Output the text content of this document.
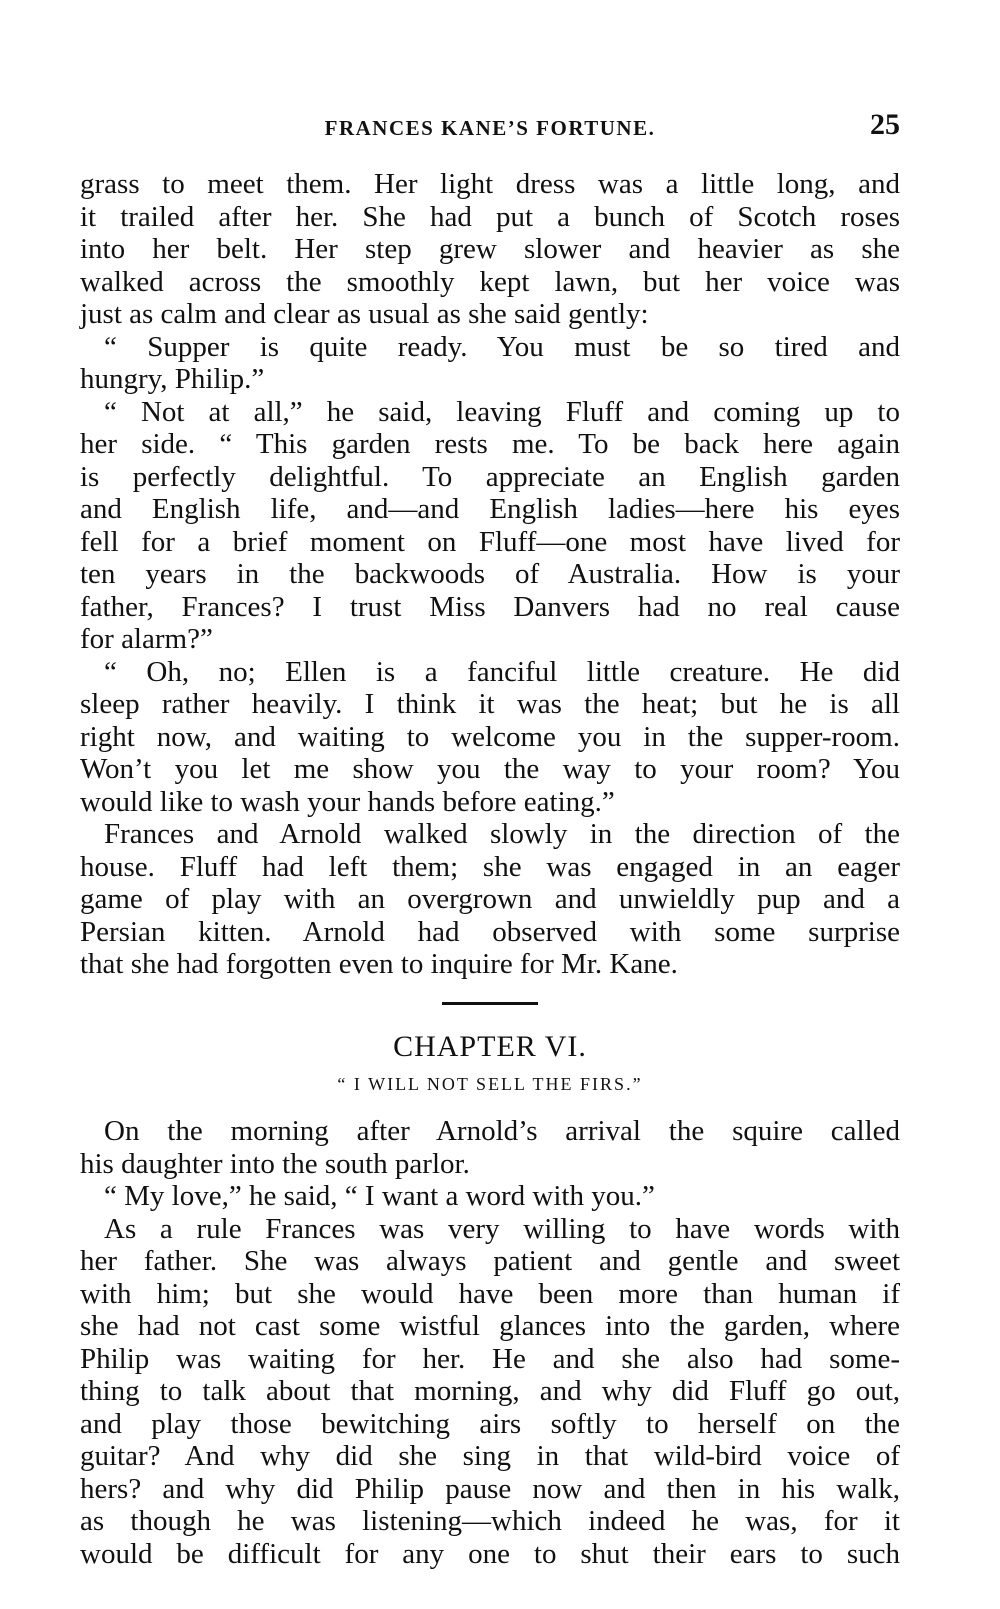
FRANCES KANE’S FORTUNE.	25
grass to meet them. Her light dress was a little long, and
it trailed after her. She had put a bunch of Scotch roses
into her belt. Her step grew slower and heavier as she
walked across the smoothly kept lawn, but her voice was
just as calm and clear as usual as she said gently:
“ Supper is quite ready. You must be so tired and
hungry, Philip.”
“ Not at all,” he said, leaving Fluff and coming up to
her side. “ This garden rests me. To be back here again
is perfectly delightful. To appreciate an English garden
and English life, and—and English ladies—here his eyes
fell for a brief moment on Fluff—one most have lived for
ten years in the backwoods of Australia. How is your
father, Frances? I trust Miss Danvers had no real cause
for alarm?”
“ Oh, no; Ellen is a fanciful little creature. He did
sleep rather heavily. I think it was the heat; but he is all
right now, and waiting to welcome you in the supper-room.
Won’t you let me show you the way to your room? You
would like to wash your hands before eating.”
Frances and Arnold walked slowly in the direction of the
house. Fluff had left them; she was engaged in an eager
game of play with an overgrown and unwieldly pup and a
Persian kitten. Arnold had observed with some surprise
that she had forgotten even to inquire for Mr. Kane.
CHAPTER VI.
“ I WILL NOT SELL THE FIRS.”
On the morning after Arnold’s arrival the squire called
his daughter into the south parlor.
“ My love,” he said, “ I want a word with you.”
As a rule Frances was very willing to have words with
her father. She was always patient and gentle and sweet
with him; but she would have been more than human if
she had not cast some wistful glances into the garden, where
Philip was waiting for her. He and she also had some-
thing to talk about that morning, and why did Fluff go out,
and play those bewitching airs softly to herself on the
guitar? And why did she sing in that wild-bird voice of
hers? and why did Philip pause now and then in his walk,
as though he was listening—which indeed he was, for it
would be difficult for any one to shut their ears to such
